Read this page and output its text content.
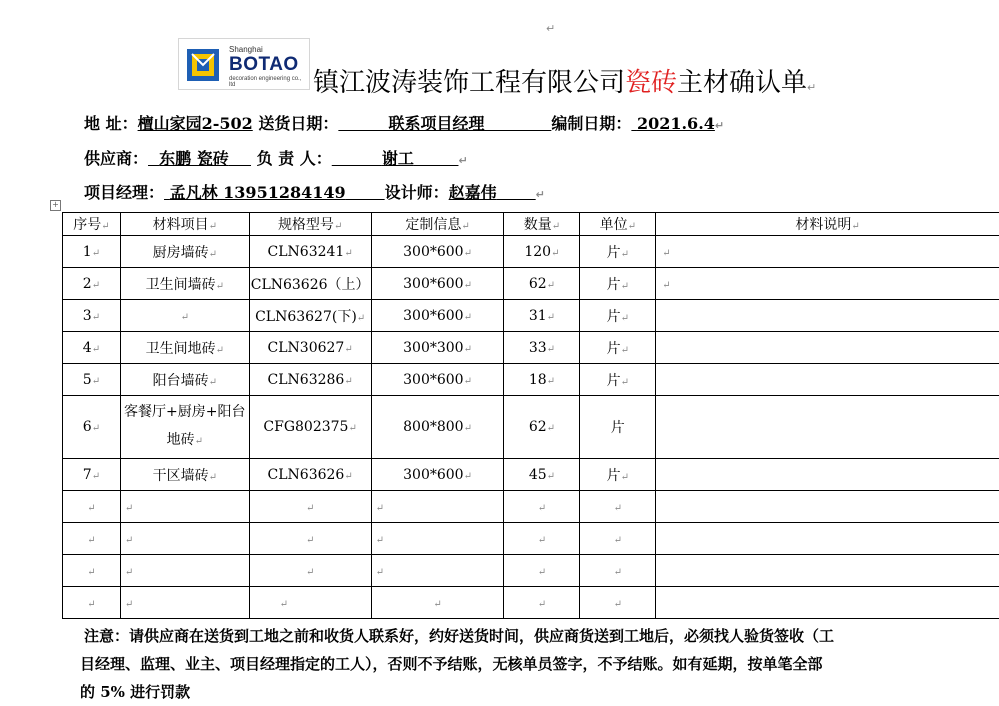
↵
Shanghai
BOTAO
decoration engineering co., ltd	镇江波涛装饰工程有限公司瓷砖主材确认单↵
地 址：檀山家园2-502 送货日期：	联系项目经理	编制日期： 2021.6.4↵
供应商： 东鹏 瓷砖 负 责 人：	谢工	↵
项目经理： 孟凡林 13951284149 设计师：赵嘉伟	↵
+
序号↵	材料项目↵	规格型号↵	定制信息↵	数量↵	单位↵	材料说明↵
1↵	厨房墙砖↵	CLN63241↵	300*600↵	120↵	片↵	↵
2↵	卫生间墙砖↵	CLN63626（上）	300*600↵	62↵	片↵	↵
3↵	↵	CLN63627(下)↵	300*600↵	31↵	片↵	
4↵	卫生间地砖↵	CLN30627↵	300*300↵	33↵	片↵	
5↵	阳台墙砖↵	CLN63286↵	300*600↵	18↵	片↵	
6↵	客餐厅+厨房+阳台地砖↵	CFG802375↵	800*800↵	62↵	片	
7↵	干区墙砖↵	CLN63626↵	300*600↵	45↵	片↵	
↵	↵	↵	↵	↵	↵	
↵	↵	↵	↵	↵	↵	
↵	↵	↵	↵	↵	↵	
↵	↵	↵	↵	↵	↵	
注意：请供应商在送货到工地之前和收货人联系好，约好送货时间，供应商货送到工地后，必须找人验货签收（工
目经理、监理、业主、项目经理指定的工人），否则不予结账，无核单员签字，不予结账。如有延期，按单笔全部
的 5% 进行罚款
